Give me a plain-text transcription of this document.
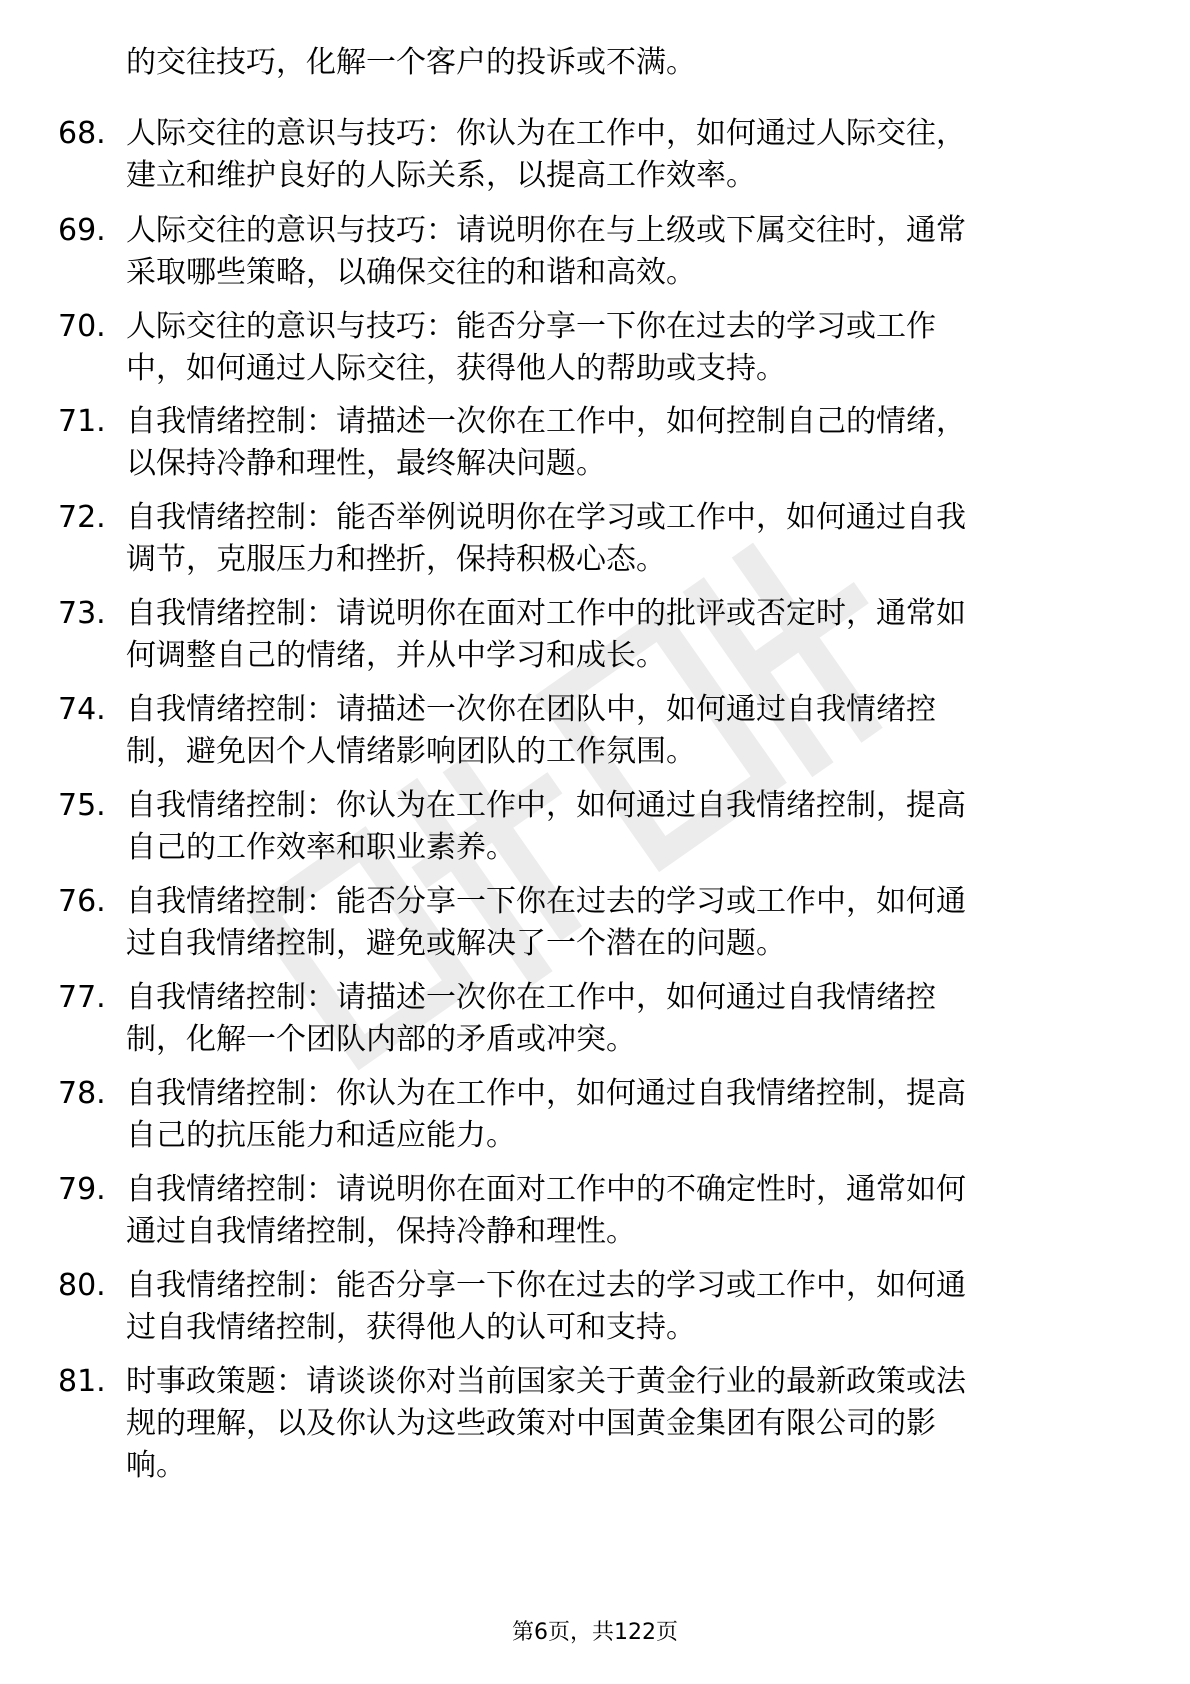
的交往技巧，化解一个客户的投诉或不满。
68. 人际交往的意识与技巧：你认为在工作中，如何通过人际交往，
建立和维护良好的人际关系，以提高工作效率。
69. 人际交往的意识与技巧：请说明你在与上级或下属交往时，通常
采取哪些策略，以确保交往的和谐和高效。
70. 人际交往的意识与技巧：能否分享一下你在过去的学习或工作
中，如何通过人际交往，获得他人的帮助或支持。
71. 自我情绪控制：请描述一次你在工作中，如何控制自己的情绪，
以保持冷静和理性，最终解决问题。
72. 自我情绪控制：能否举例说明你在学习或工作中，如何通过自我
调节，克服压力和挫折，保持积极心态。
73. 自我情绪控制：请说明你在面对工作中的批评或否定时，通常如
何调整自己的情绪，并从中学习和成长。
74. 自我情绪控制：请描述一次你在团队中，如何通过自我情绪控
制，避免因个人情绪影响团队的工作氛围。
75. 自我情绪控制：你认为在工作中，如何通过自我情绪控制，提高
自己的工作效率和职业素养。
76. 自我情绪控制：能否分享一下你在过去的学习或工作中，如何通
过自我情绪控制，避免或解决了一个潜在的问题。
77. 自我情绪控制：请描述一次你在工作中，如何通过自我情绪控
制，化解一个团队内部的矛盾或冲突。
78. 自我情绪控制：你认为在工作中，如何通过自我情绪控制，提高
自己的抗压能力和适应能力。
79. 自我情绪控制：请说明你在面对工作中的不确定性时，通常如何
通过自我情绪控制，保持冷静和理性。
80. 自我情绪控制：能否分享一下你在过去的学习或工作中，如何通
过自我情绪控制，获得他人的认可和支持。
81. 时事政策题：请谈谈你对当前国家关于黄金行业的最新政策或法
规的理解，以及你认为这些政策对中国黄金集团有限公司的影
响。
第6页，共122页
